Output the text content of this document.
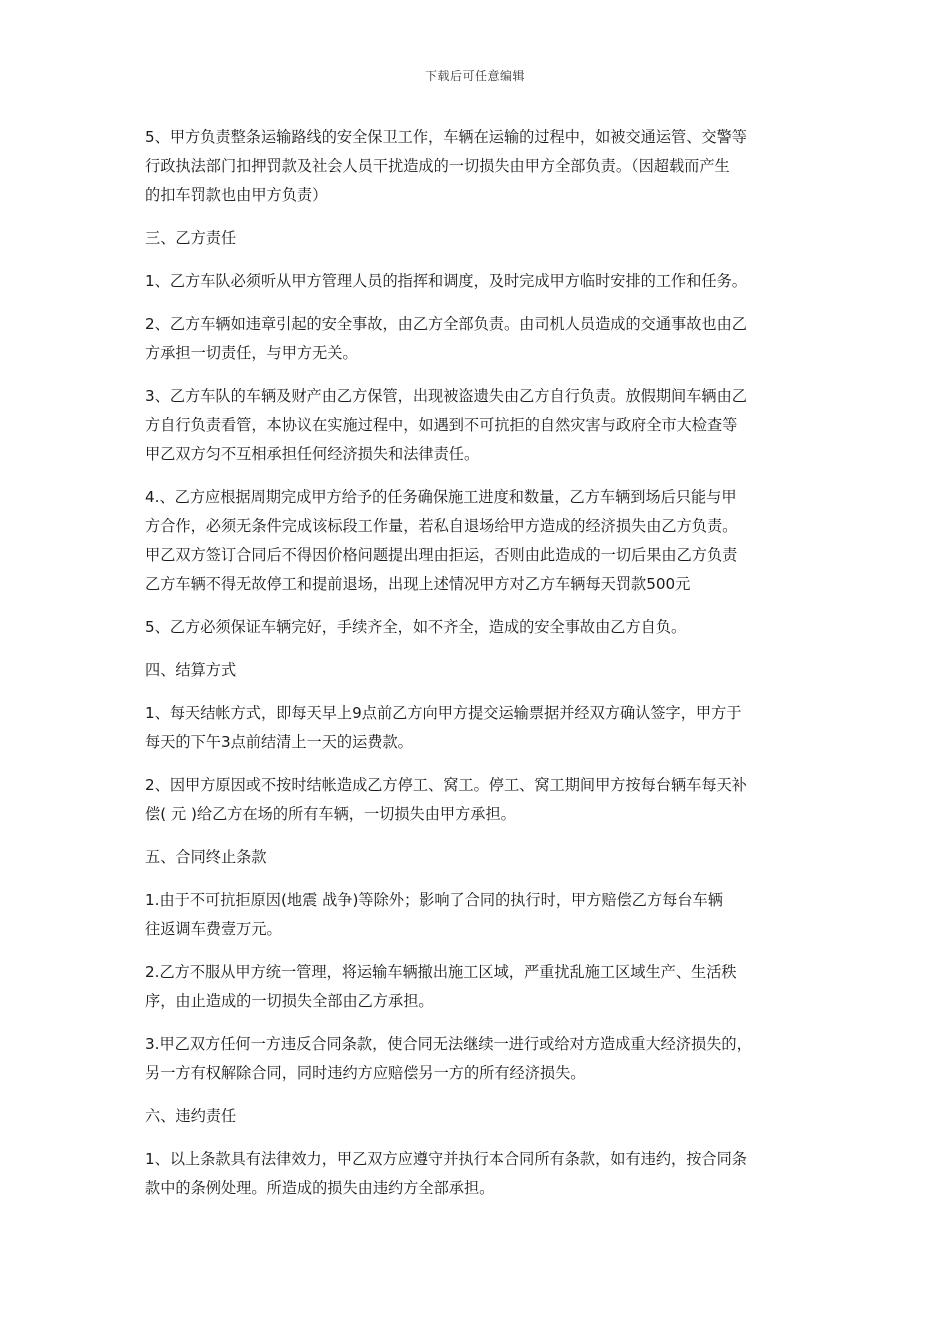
下载后可任意编辑
5、甲方负责整条运输路线的安全保卫工作，车辆在运输的过程中，如被交通运管、交警等
行政执法部门扣押罚款及社会人员干扰造成的一切损失由甲方全部负责。（因超载而产生
的扣车罚款也由甲方负责）
三、乙方责任
1、乙方车队必须听从甲方管理人员的指挥和调度，及时完成甲方临时安排的工作和任务。
2、乙方车辆如违章引起的安全事故，由乙方全部负责。由司机人员造成的交通事故也由乙
方承担一切责任，与甲方无关。
3、乙方车队的车辆及财产由乙方保管，出现被盗遗失由乙方自行负责。放假期间车辆由乙
方自行负责看管，本协议在实施过程中，如遇到不可抗拒的自然灾害与政府全市大检查等
甲乙双方匀不互相承担任何经济损失和法律责任。
4.、乙方应根据周期完成甲方给予的任务确保施工进度和数量，乙方车辆到场后只能与甲
方合作，必须无条件完成该标段工作量，若私自退场给甲方造成的经济损失由乙方负责。
甲乙双方签订合同后不得因价格问题提出理由拒运，否则由此造成的一切后果由乙方负责
乙方车辆不得无故停工和提前退场，出现上述情况甲方对乙方车辆每天罚款500元
5、乙方必须保证车辆完好，手续齐全，如不齐全，造成的安全事故由乙方自负。
四、结算方式
1、每天结帐方式，即每天早上9点前乙方向甲方提交运输票据并经双方确认签字，甲方于
每天的下午3点前结清上一天的运费款。
2、因甲方原因或不按时结帐造成乙方停工、窝工。停工、窝工期间甲方按每台辆车每天补
偿( 元 )给乙方在场的所有车辆，一切损失由甲方承担。
五、合同终止条款
1.由于不可抗拒原因(地震 战争)等除外；影响了合同的执行时，甲方赔偿乙方每台车辆
往返调车费壹万元。
2.乙方不服从甲方统一管理，将运输车辆撤出施工区域，严重扰乱施工区域生产、生活秩
序，由止造成的一切损失全部由乙方承担。
3.甲乙双方任何一方违反合同条款，使合同无法继续一进行或给对方造成重大经济损失的，
另一方有权解除合同，同时违约方应赔偿另一方的所有经济损失。
六、违约责任
1、以上条款具有法律效力，甲乙双方应遵守并执行本合同所有条款，如有违约，按合同条
款中的条例处理。所造成的损失由违约方全部承担。
